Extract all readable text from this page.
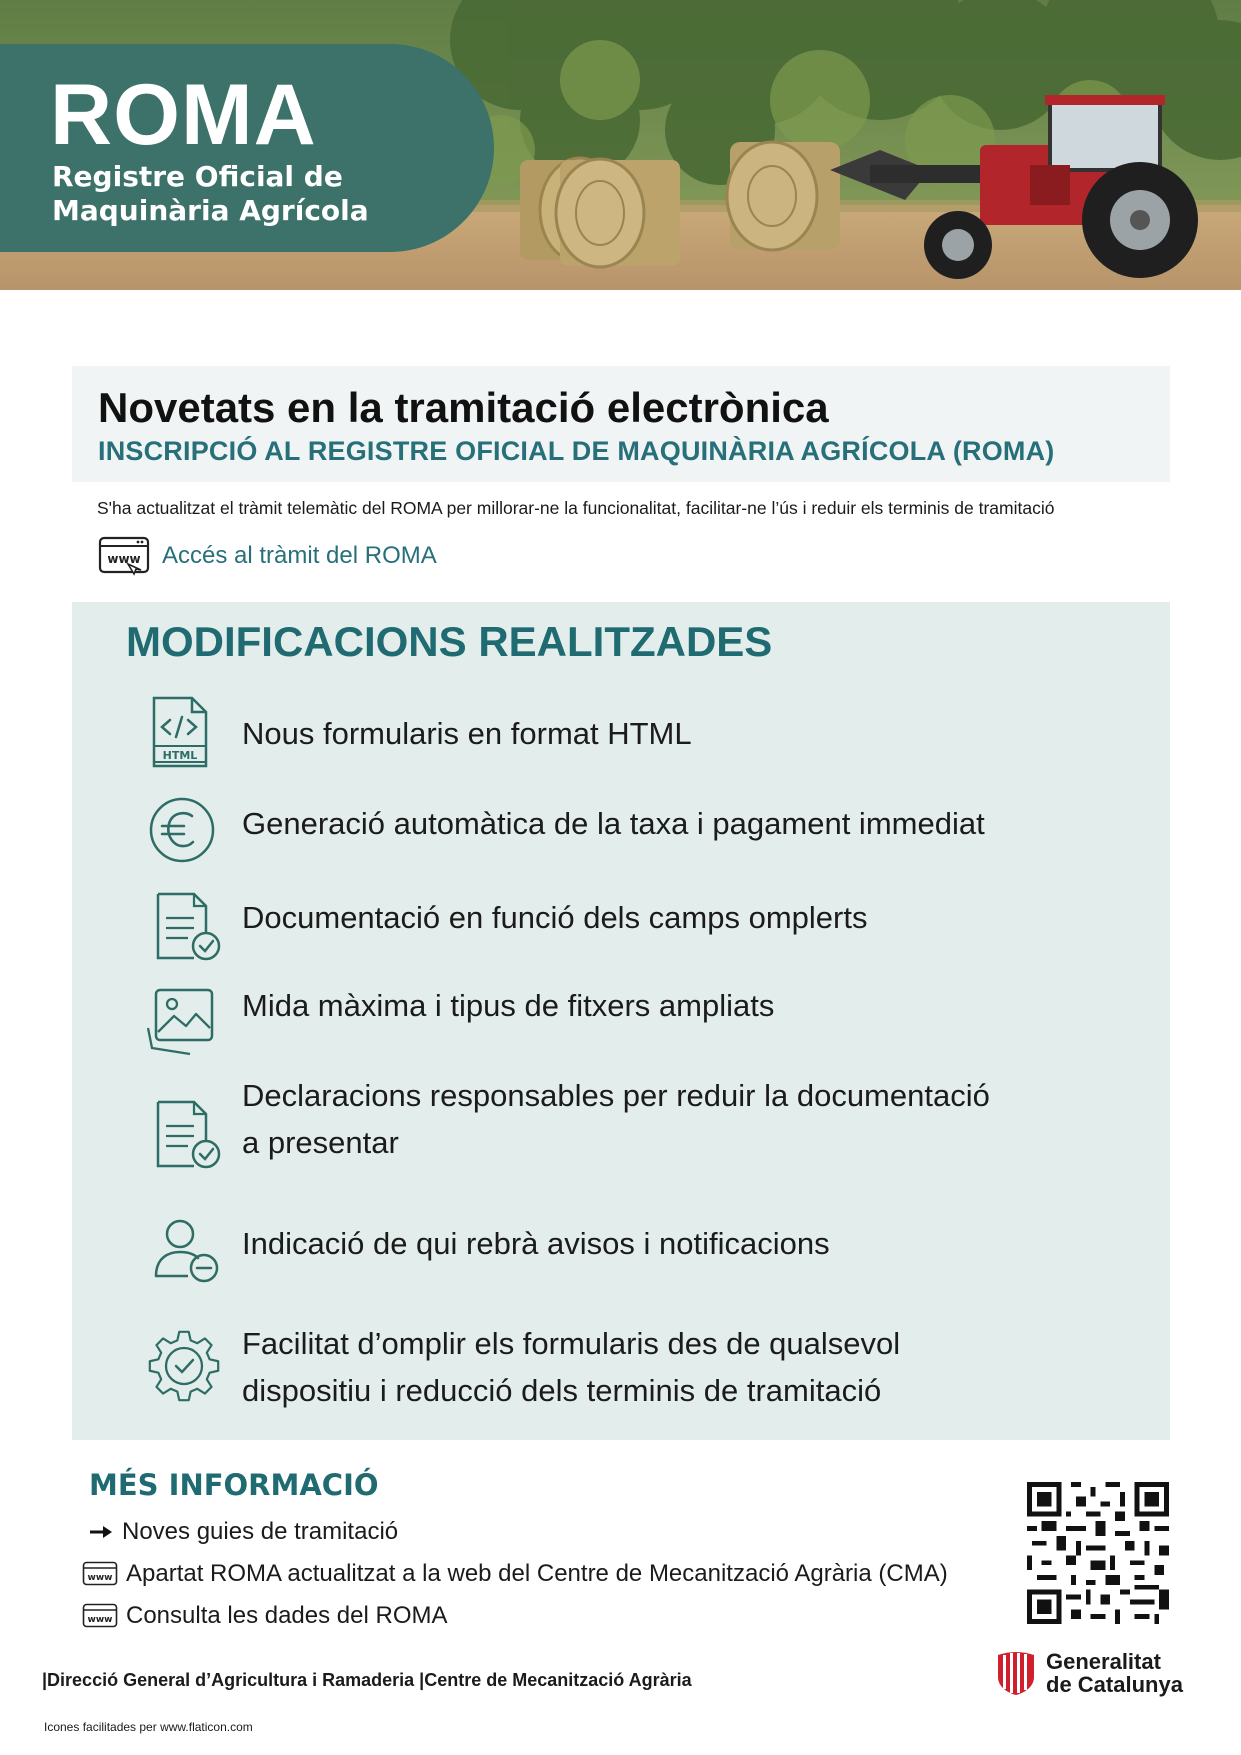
ROMA
Registre Oficial de
Maquinària Agrícola
Novetats en la tramitació electrònica
INSCRIPCIÓ AL REGISTRE OFICIAL DE MAQUINÀRIA AGRÍCOLA (ROMA)
S'ha actualitzat el tràmit telemàtic del ROMA per millorar-ne la funcionalitat, facilitar-ne l’ús i reduir els terminis de tramitació
www Accés al tràmit del ROMA
MODIFICACIONS REALITZADES
HTML
Nous formularis en format HTML
Generació automàtica de la taxa i pagament immediat
Documentació en funció dels camps omplerts
Mida màxima i tipus de fitxers ampliats
Declaracions responsables per reduir la documentació
a presentar
Indicació de qui rebrà avisos i notificacions
Facilitat d’omplir els formularis des de qualsevol
dispositiu i reducció dels terminis de tramitació
MÉS INFORMACIÓ
Noves guies de tramitació
www Apartat ROMA actualitzat a la web del Centre de Mecanització Agrària (CMA)
www Consulta les dades del ROMA
|Direcció General d’Agricultura i Ramaderia |Centre de Mecanització Agrària
Icones facilitades per www.flaticon.com
Generalitat
de Catalunya
